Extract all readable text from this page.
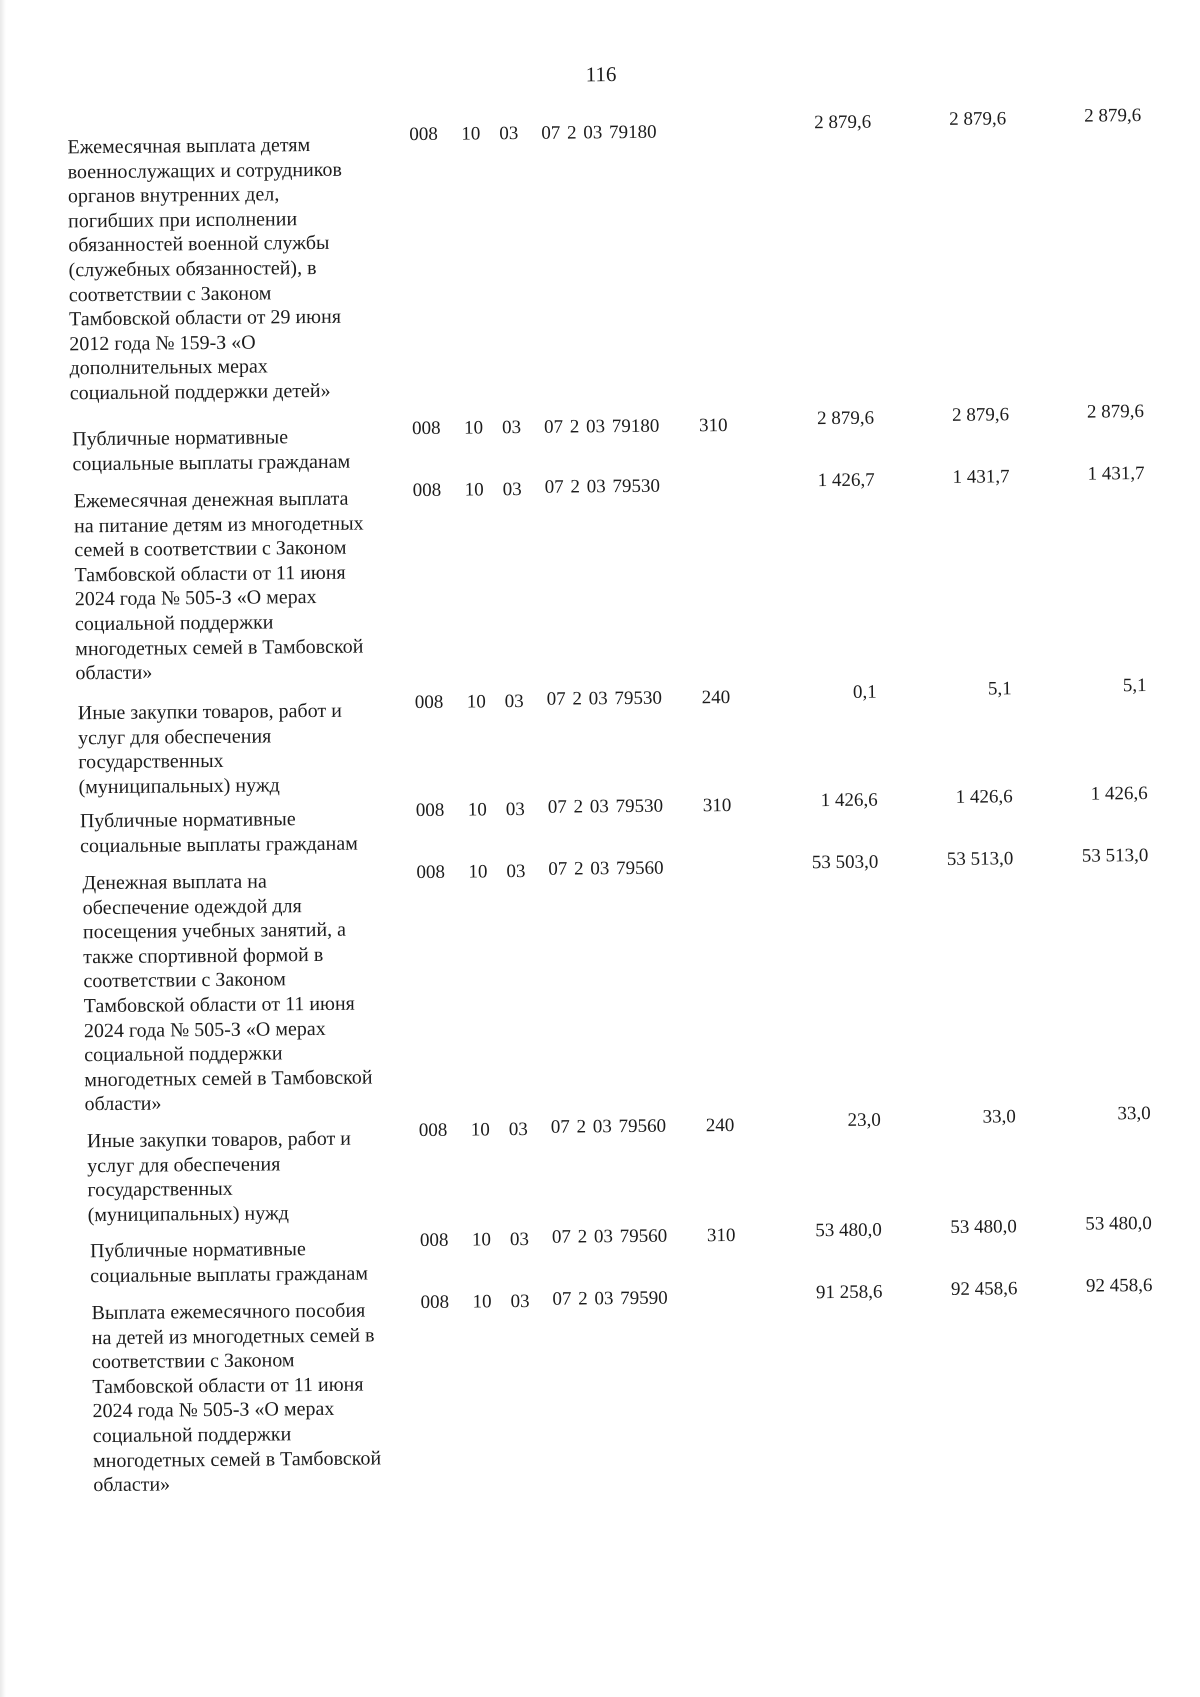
116
Ежемесячная выплата детям
военнослужащих и сотрудников
органов внутренних дел,
погибших при исполнении
обязанностей военной службы
(служебных обязанностей), в
соответствии с Законом
Тамбовской области от 29 июня
2012 года № 159-З «О
дополнительных мерах
социальной поддержки детей»
008 10 03 07 2 03 79180	2 879,6	2 879,6	2 879,6
Публичные нормативные
социальные выплаты гражданам
008 10 03 07 2 03 79180 310	2 879,6	2 879,6	2 879,6
Ежемесячная денежная выплата
на питание детям из многодетных
семей в соответствии с Законом
Тамбовской области от 11 июня
2024 года № 505-З «О мерах
социальной поддержки
многодетных семей в Тамбовской
области»
008 10 03 07 2 03 79530	1 426,7	1 431,7	1 431,7
Иные закупки товаров, работ и
услуг для обеспечения
государственных
(муниципальных) нужд
008 10 03 07 2 03 79530 240	0,1	5,1	5,1
Публичные нормативные
социальные выплаты гражданам
008 10 03 07 2 03 79530 310	1 426,6	1 426,6	1 426,6
Денежная выплата на
обеспечение одеждой для
посещения учебных занятий, а
также спортивной формой в
соответствии с Законом
Тамбовской области от 11 июня
2024 года № 505-З «О мерах
социальной поддержки
многодетных семей в Тамбовской
области»
008 10 03 07 2 03 79560	53 503,0	53 513,0	53 513,0
Иные закупки товаров, работ и
услуг для обеспечения
государственных
(муниципальных) нужд
008 10 03 07 2 03 79560 240	23,0	33,0	33,0
Публичные нормативные
социальные выплаты гражданам
008 10 03 07 2 03 79560 310	53 480,0	53 480,0	53 480,0
Выплата ежемесячного пособия
на детей из многодетных семей в
соответствии с Законом
Тамбовской области от 11 июня
2024 года № 505-З «О мерах
социальной поддержки
многодетных семей в Тамбовской
области»
008 10 03 07 2 03 79590	91 258,6	92 458,6	92 458,6
